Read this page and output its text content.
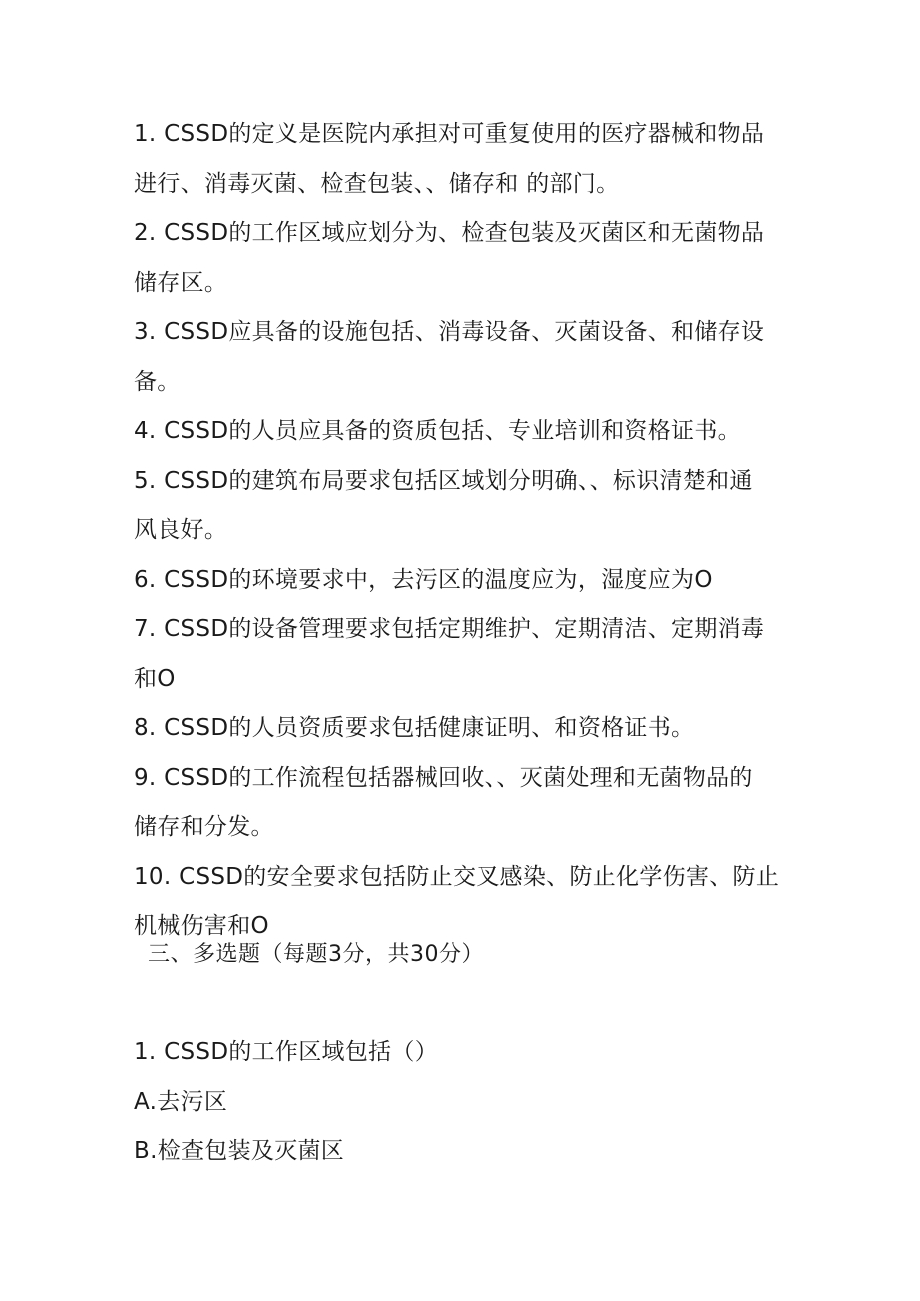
1. CSSD的定义是医院内承担对可重复使用的医疗器械和物品
进行、消毒灭菌、检查包装、、储存和 的部门。
2. CSSD的工作区域应划分为、检查包装及灭菌区和无菌物品
储存区。
3. CSSD应具备的设施包括、消毒设备、灭菌设备、和储存设
备。
4. CSSD的人员应具备的资质包括、专业培训和资格证书。
5. CSSD的建筑布局要求包括区域划分明确、、标识清楚和通
风良好。
6. CSSD的环境要求中，去污区的温度应为，湿度应为O
7. CSSD的设备管理要求包括定期维护、定期清洁、定期消毒
和O
8. CSSD的人员资质要求包括健康证明、和资格证书。
9. CSSD的工作流程包括器械回收、、灭菌处理和无菌物品的
储存和分发。
10. CSSD的安全要求包括防止交叉感染、防止化学伤害、防止
机械伤害和O
三、多选题（每题3分，共30分）
1. CSSD的工作区域包括（）
A.去污区
B.检查包装及灭菌区
